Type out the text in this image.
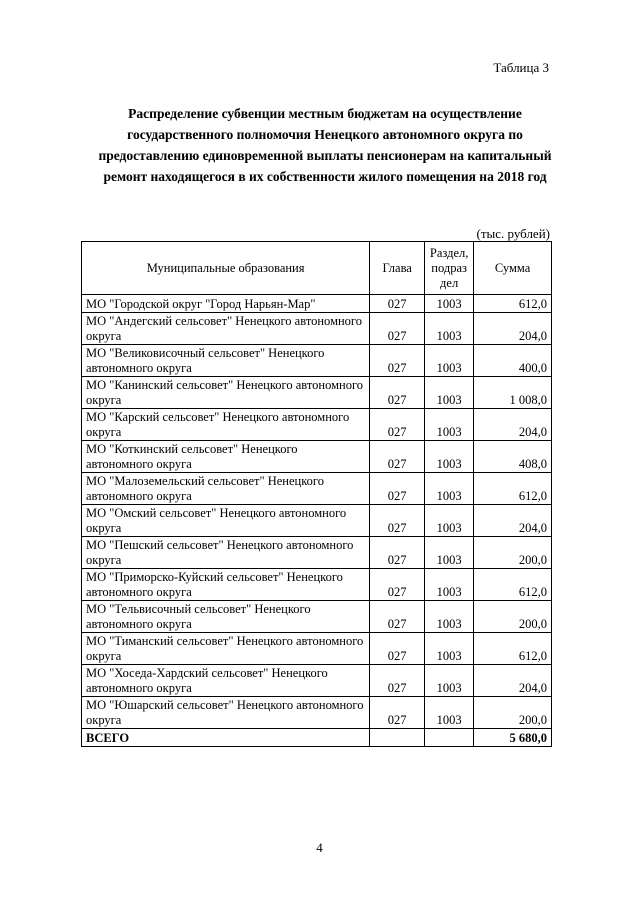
Таблица 3
Распределение субвенции местным бюджетам на осуществление государственного полномочия Ненецкого автономного округа по предоставлению единовременной выплаты пенсионерам на капитальный ремонт находящегося в их собственности жилого помещения на 2018 год
(тыс. рублей)
Муниципальные образования	Глава	Раздел, подраз дел	Сумма
МО "Городской округ "Город Нарьян-Мар"	027	1003	612,0
МО "Андегский сельсовет" Ненецкого автономного округа	027	1003	204,0
МО "Великовисочный сельсовет" Ненецкого автономного округа	027	1003	400,0
МО "Канинский сельсовет" Ненецкого автономного округа	027	1003	1 008,0
МО "Карский сельсовет" Ненецкого автономного округа	027	1003	204,0
МО "Коткинский сельсовет" Ненецкого автономного округа	027	1003	408,0
МО "Малоземельский сельсовет" Ненецкого автономного округа	027	1003	612,0
МО "Омский сельсовет" Ненецкого автономного округа	027	1003	204,0
МО "Пешский сельсовет" Ненецкого автономного округа	027	1003	200,0
МО "Приморско-Куйский сельсовет" Ненецкого автономного округа	027	1003	612,0
МО "Тельвисочный сельсовет" Ненецкого автономного округа	027	1003	200,0
МО "Тиманский сельсовет" Ненецкого автономного округа	027	1003	612,0
МО "Хоседа-Хардский сельсовет" Ненецкого автономного округа	027	1003	204,0
МО "Юшарский сельсовет" Ненецкого автономного округа	027	1003	200,0
ВСЕГО			5 680,0
4
